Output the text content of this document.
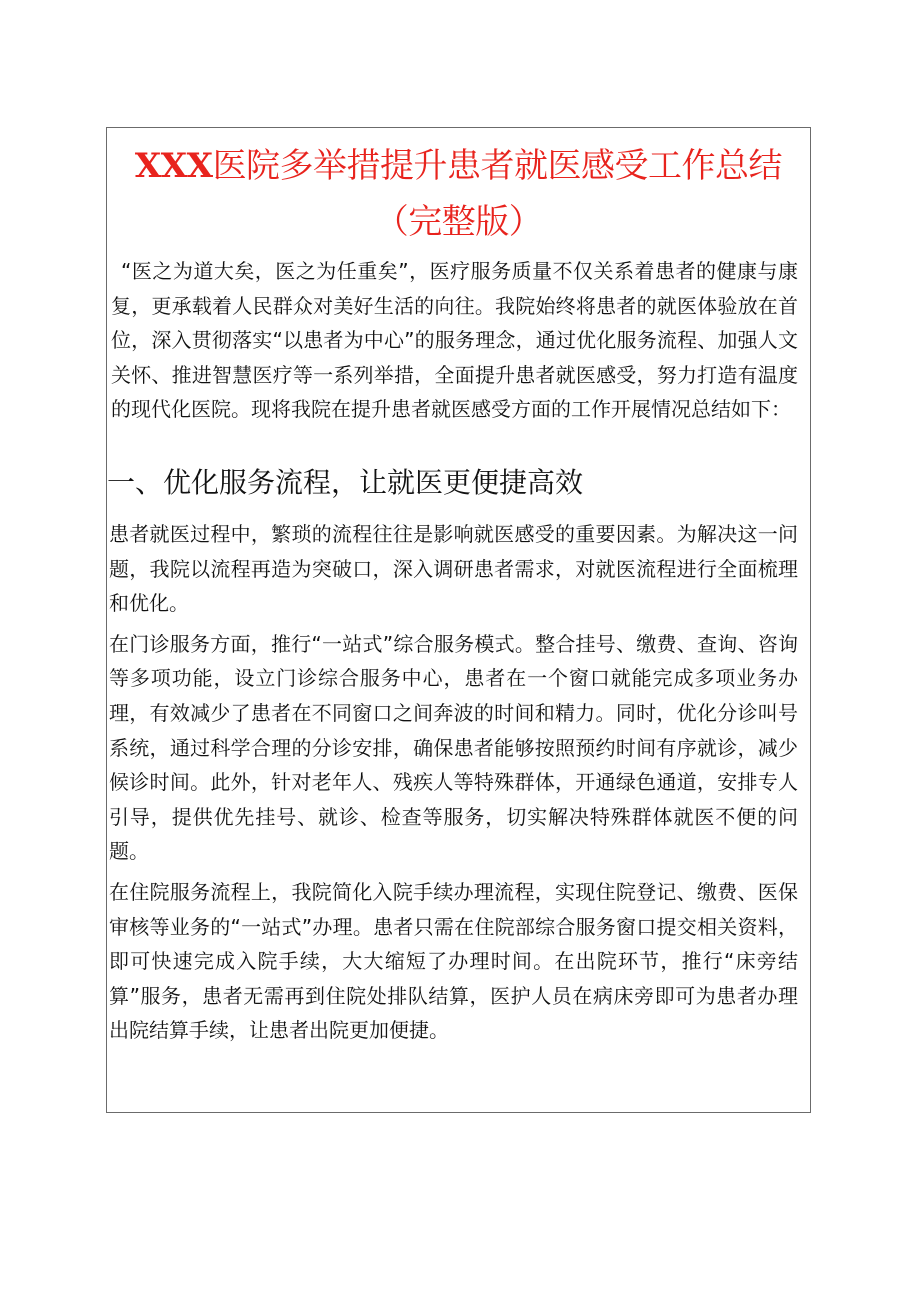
XXX医院多举措提升患者就医感受工作总结
（完整版）

“医之为道大矣，医之为任重矣”，医疗服务质量不仅关系着患者的健康与康复，更承载着人民群众对美好生活的向往。我院始终将患者的就医体验放在首位，深入贯彻落实“以患者为中心”的服务理念，通过优化服务流程、加强人文关怀、推进智慧医疗等一系列举措，全面提升患者就医感受，努力打造有温度的现代化医院。现将我院在提升患者就医感受方面的工作开展情况总结如下：

一、优化服务流程，让就医更便捷高效

患者就医过程中，繁琐的流程往往是影响就医感受的重要因素。为解决这一问题，我院以流程再造为突破口，深入调研患者需求，对就医流程进行全面梳理和优化。

在门诊服务方面，推行“一站式”综合服务模式。整合挂号、缴费、查询、咨询等多项功能，设立门诊综合服务中心，患者在一个窗口就能完成多项业务办理，有效减少了患者在不同窗口之间奔波的时间和精力。同时，优化分诊叫号系统，通过科学合理的分诊安排，确保患者能够按照预约时间有序就诊，减少候诊时间。此外，针对老年人、残疾人等特殊群体，开通绿色通道，安排专人引导，提供优先挂号、就诊、检查等服务，切实解决特殊群体就医不便的问题。

在住院服务流程上，我院简化入院手续办理流程，实现住院登记、缴费、医保审核等业务的“一站式”办理。患者只需在住院部综合服务窗口提交相关资料，即可快速完成入院手续，大大缩短了办理时间。在出院环节，推行“床旁结算”服务，患者无需再到住院处排队结算，医护人员在病床旁即可为患者办理出院结算手续，让患者出院更加便捷。
